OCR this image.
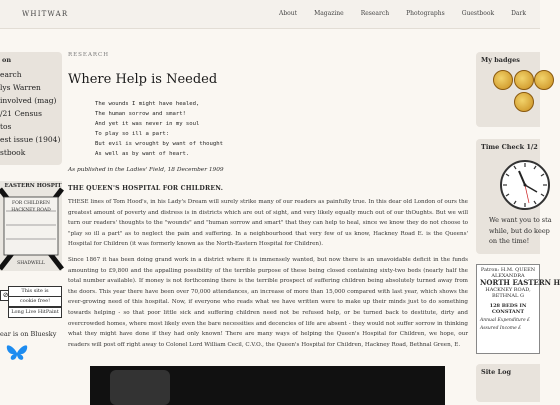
WHITWAR	About	Magazine	Research	Photographs	Guestbook	Dark
on
earch
lys Warren
involved (mag)
/21 Census
tos
est issue (1904)
stbook
EASTERN HOSPIT
FOR CHILDREN
HACKNEY ROAD
SHADWELL
⊘	This site is
cookie free!
Long Live HitPaint
ear is on Bluesky
RESEARCH
Where Help is Needed
The wounds I might have healed,
The human sorrow and smart!
And yet it was never in my soul
To play so ill a part:
But evil is wrought by want of thought
As well as by want of heart.
As published in the Ladies' Field, 18 December 1909
THE QUEEN'S HOSPITAL FOR CHILDREN.
THESE lines of Tom Hood's, in his Lady's Dream will surely strike many of our readers as painfully true. In this dear old London of ours the greatest amount of poverty and distress is in districts which are out of sight, and very likely equally much out of our thOughts. But we will turn our readers' thoughts to the "wounds" and "human sorrow and smart" that they can help to heal, since we know they do not choose to "play so ill a part" as to neglect the pain and suffering. In a neighbourhood that very few of us know, Hackney Road E. is the Queens' Hospital for Children (it was formerly known as the North-Eastern Hospital for Children).
Since 1867 it has been doing grand work in a district where it is immensely wanted, but now there is an unavoidable deficit in the funds amounting to £9,800 and the appalling possibility of the terrible purpose of these being closed containing sixty-two beds (nearly half the total number available). If money is not forthcoming there is the terrible prospect of suffering children being absolutely turned away from the doors. This year there have been over 70,000 attendances, an increase of more than 15,000 compared with last year, which shows the ever-growing need of this hospital. Now, if everyone who reads what we have written were to make up their minds just to do something towards helping - so that poor little sick and suffering children need not be refused help, or be turned back to destitute, dirty and overcrowded homes, where most likely even the bare necessities and decencies of life are absent - they would not suffer sorrow in thinking what they might have done if they had only known! There are many ways of helping the Queen's Hospital for Children, we hope, our readers will post off right away to Colonel Lord William Cecil, C.V.O., the Queen's Hospital for Children, Hackney Road, Bethnal Green, E.
My badges
Time Check 1/2
We want you to sta
while, but do keep
on the time!
Patron: H.M. QUEEN ALEXANDRA
NORTH EASTERN H
HACKNEY ROAD, BETHNAL G
128 BEDS IN CONSTANT
Annual Expenditure £
Assured Income £
Site Log
